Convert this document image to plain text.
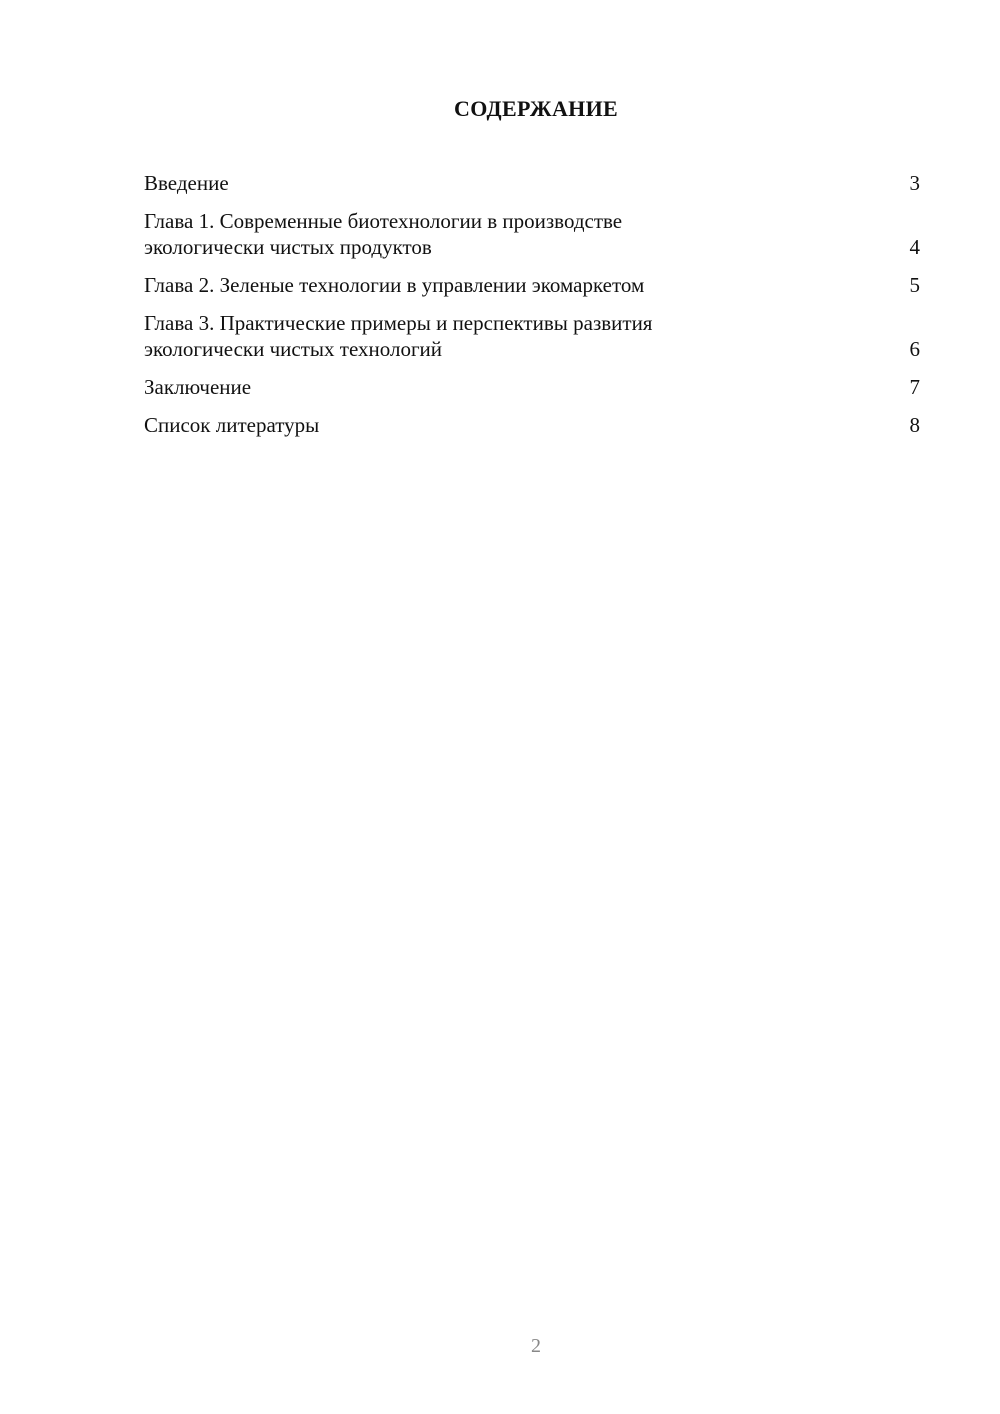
СОДЕРЖАНИЕ
Введение	3
Глава 1. Современные биотехнологии в производстве
экологически чистых продуктов	4
Глава 2. Зеленые технологии в управлении экомаркетом	5
Глава 3. Практические примеры и перспективы развития
экологически чистых технологий	6
Заключение	7
Список литературы	8
2
